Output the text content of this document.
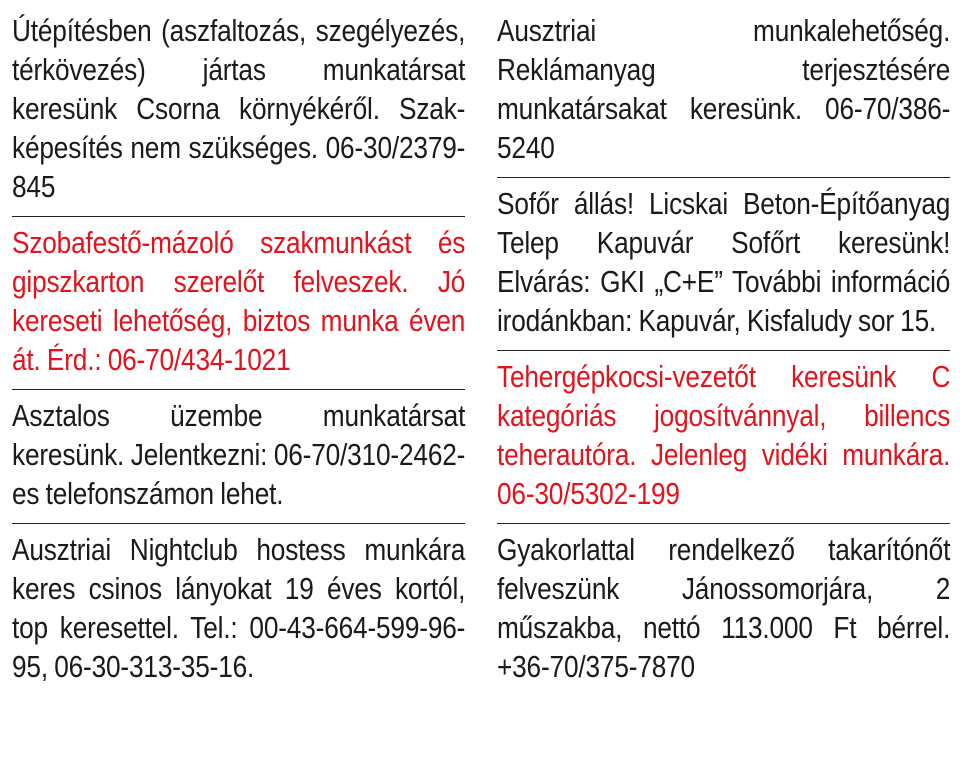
Útépítésben (aszfaltozás, szegélyezés, térkövezés) jártas munkatársat keresünk Csorna környékéről. Szak-képesítés nem szükséges. 06-30/2379-845
Szobafestő-mázoló szakmunkást és gipszkarton szerelőt felveszek. Jó kereseti lehetőség, biztos munka éven át. Érd.: 06-70/434-1021
Asztalos üzembe munkatársat keresünk. Jelentkezni: 06-70/310-2462-es telefonszámon lehet.
Ausztriai Nightclub hostess munkára keres csinos lányokat 19 éves kortól, top keresettel. Tel.: 00-43-664-599-96-95, 06-30-313-35-16.
Ausztriai munkalehetőség. Reklámanyag terjesztésére munkatársakat keresünk. 06-70/386-5240
Sofőr állás! Licskai Beton-Építőanyag Telep Kapuvár Sofőrt keresünk! Elvárás: GKI „C+E” További információ irodánkban: Kapuvár, Kisfaludy sor 15.
Tehergépkocsi-vezetőt keresünk C kategóriás jogosítvánnyal, billencs teherautóra. Jelenleg vidéki munkára. 06-30/5302-199
Gyakorlattal rendelkező takarítónőt felveszünk Jánossomorjára, 2 műszakba, nettó 113.000 Ft bérrel. +36-70/375-7870
